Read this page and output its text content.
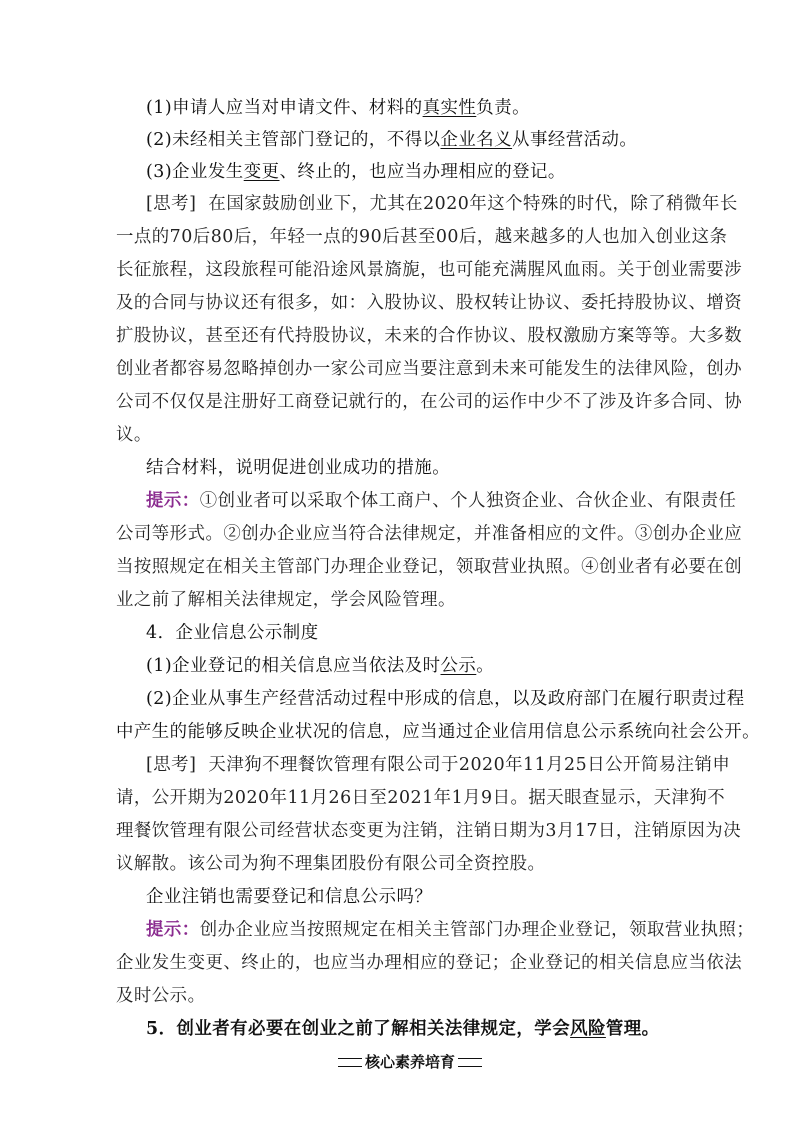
(1)申请人应当对申请文件、材料的真实性负责。
(2)未经相关主管部门登记的，不得以企业名义从事经营活动。
(3)企业发生变更、终止的，也应当办理相应的登记。
[思考] 在国家鼓励创业下，尤其在2020年这个特殊的时代，除了稍微年长
一点的70后80后，年轻一点的90后甚至00后，越来越多的人也加入创业这条
长征旅程，这段旅程可能沿途风景旖旎，也可能充满腥风血雨。关于创业需要涉
及的合同与协议还有很多，如：入股协议、股权转让协议、委托持股协议、增资
扩股协议，甚至还有代持股协议，未来的合作协议、股权激励方案等等。大多数
创业者都容易忽略掉创办一家公司应当要注意到未来可能发生的法律风险，创办
公司不仅仅是注册好工商登记就行的，在公司的运作中少不了涉及许多合同、协
议。
结合材料，说明促进创业成功的措施。
提示：①创业者可以采取个体工商户、个人独资企业、合伙企业、有限责任
公司等形式。②创办企业应当符合法律规定，并准备相应的文件。③创办企业应
当按照规定在相关主管部门办理企业登记，领取营业执照。④创业者有必要在创
业之前了解相关法律规定，学会风险管理。
4．企业信息公示制度
(1)企业登记的相关信息应当依法及时公示。
(2)企业从事生产经营活动过程中形成的信息，以及政府部门在履行职责过程
中产生的能够反映企业状况的信息，应当通过企业信用信息公示系统向社会公开。
[思考] 天津狗不理餐饮管理有限公司于2020年11月25日公开简易注销申
请，公开期为2020年11月26日至2021年1月9日。据天眼查显示，天津狗不
理餐饮管理有限公司经营状态变更为注销，注销日期为3月17日，注销原因为决
议解散。该公司为狗不理集团股份有限公司全资控股。
企业注销也需要登记和信息公示吗？
提示：创办企业应当按照规定在相关主管部门办理企业登记，领取营业执照；
企业发生变更、终止的，也应当办理相应的登记；企业登记的相关信息应当依法
及时公示。
5．创业者有必要在创业之前了解相关法律规定，学会风险管理。
核心素养培育
